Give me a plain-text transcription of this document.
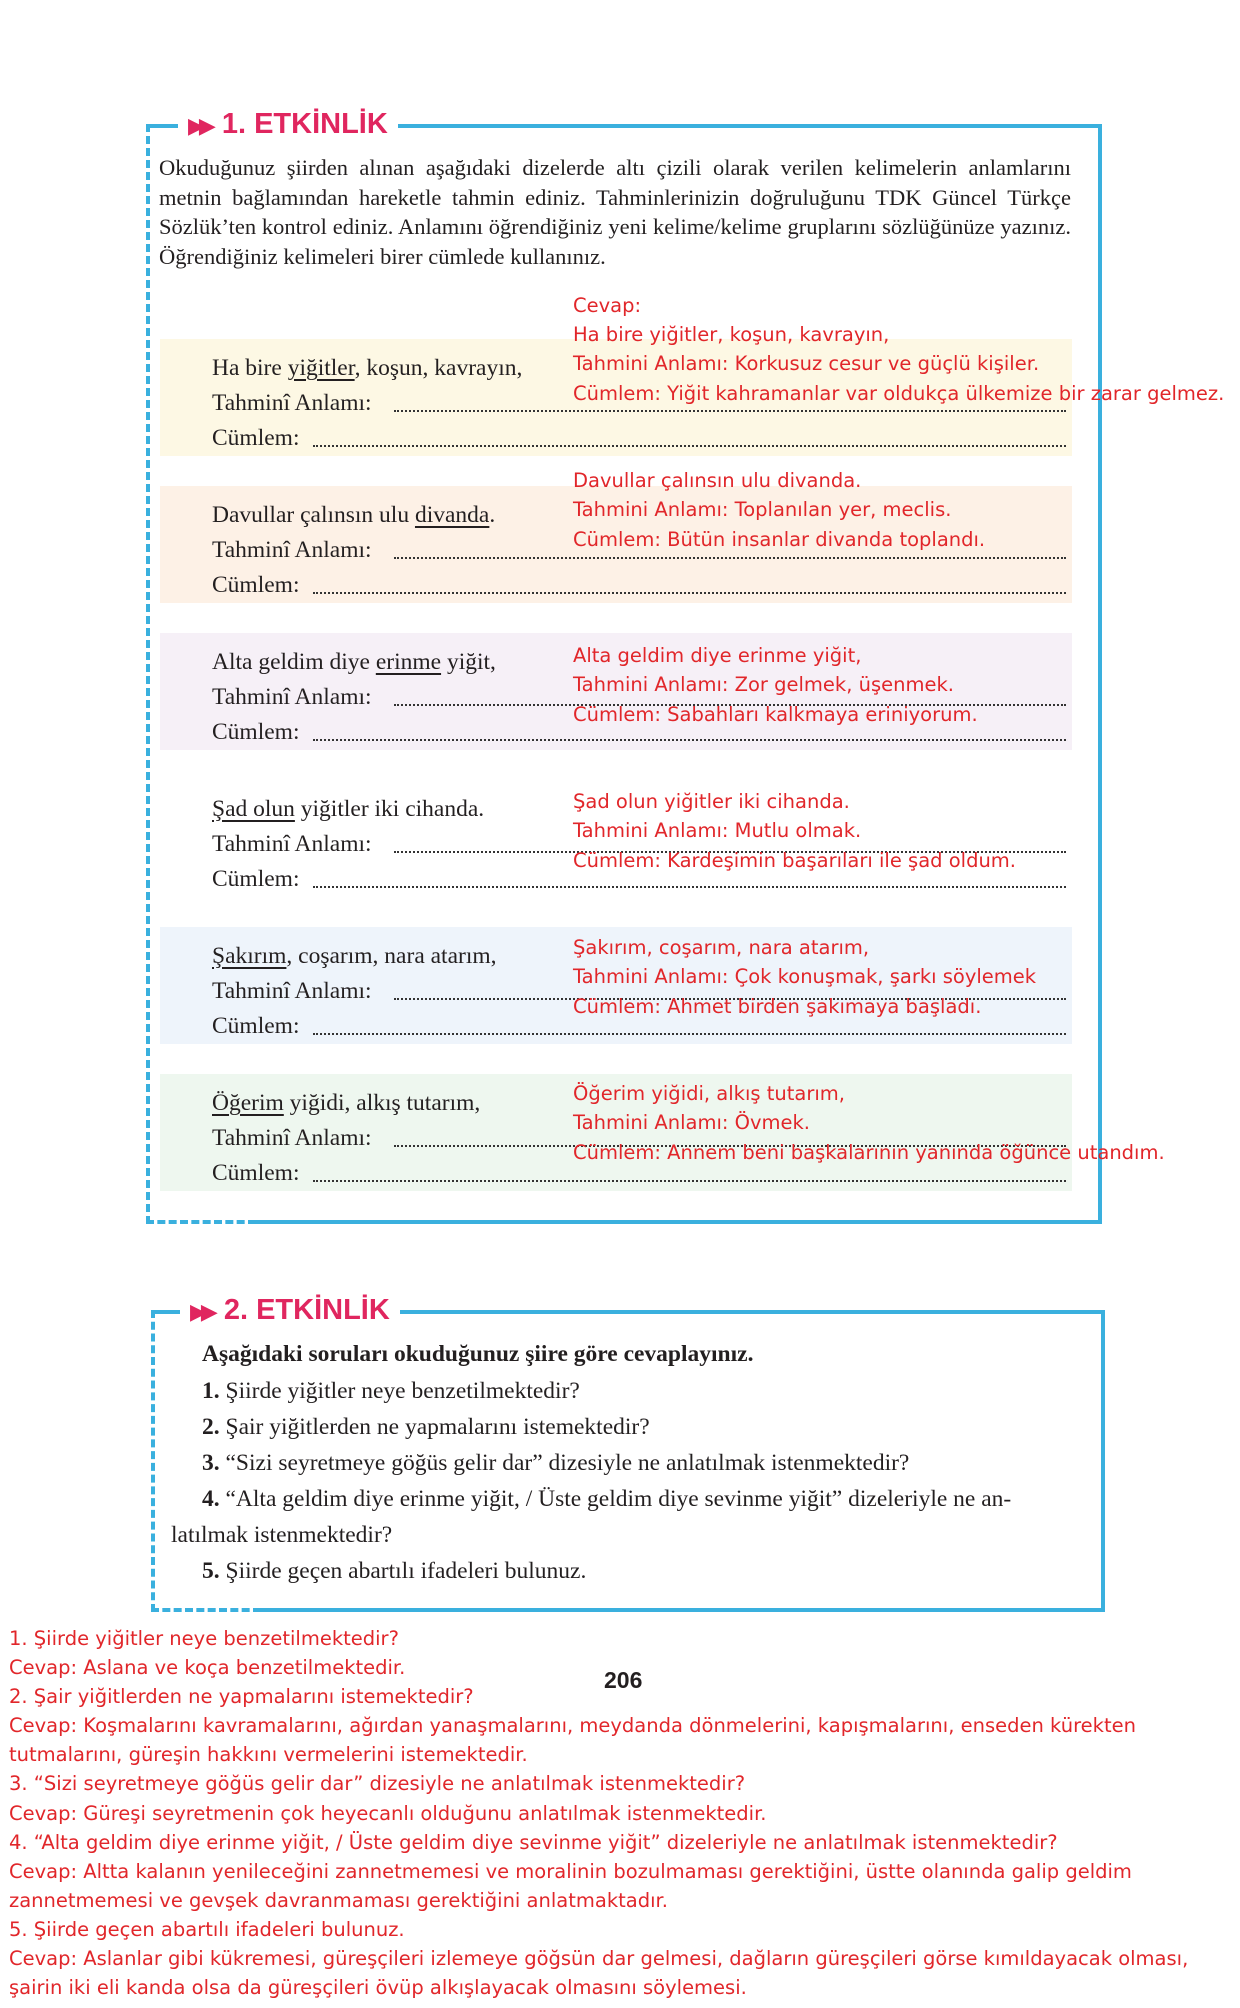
▶▶ 1. ETKİNLİK
Okuduğunuz şiirden alınan aşağıdaki dizelerde altı çizili olarak verilen kelimelerin anlamlarını metnin bağlamından hareketle tahmin ediniz. Tahminlerinizin doğruluğunu TDK Güncel Türkçe Sözlük’ten kontrol ediniz. Anlamını öğrendiğiniz yeni kelime/kelime gruplarını sözlüğünüze yazınız. Öğrendiğiniz kelimeleri birer cümlede kullanınız.
Ha bire yiğitler, koşun, kavrayın,
Tahminî Anlamı:
Cümlem:
Davullar çalınsın ulu divanda.
Tahminî Anlamı:
Cümlem:
Alta geldim diye erinme yiğit,
Tahminî Anlamı:
Cümlem:
Şad olun yiğitler iki cihanda.
Tahminî Anlamı:
Cümlem:
Şakırım, coşarım, nara atarım,
Tahminî Anlamı:
Cümlem:
Öğerim yiğidi, alkış tutarım,
Tahminî Anlamı:
Cümlem:
Cevap:
Ha bire yiğitler, koşun, kavrayın,
Tahmini Anlamı: Korkusuz cesur ve güçlü kişiler.
Cümlem: Yiğit kahramanlar var oldukça ülkemize bir zarar gelmez.
Davullar çalınsın ulu divanda.
Tahmini Anlamı: Toplanılan yer, meclis.
Cümlem: Bütün insanlar divanda toplandı.
Alta geldim diye erinme yiğit,
Tahmini Anlamı: Zor gelmek, üşenmek.
Cümlem: Sabahları kalkmaya eriniyorum.
Şad olun yiğitler iki cihanda.
Tahmini Anlamı: Mutlu olmak.
Cümlem: Kardeşimin başarıları ile şad oldum.
Şakırım, coşarım, nara atarım,
Tahmini Anlamı: Çok konuşmak, şarkı söylemek
Cümlem: Ahmet birden şakımaya başladı.
Öğerim yiğidi, alkış tutarım,
Tahmini Anlamı: Övmek.
Cümlem: Annem beni başkalarının yanında öğünce utandım.
▶▶ 2. ETKİNLİK
Aşağıdaki soruları okuduğunuz şiire göre cevaplayınız.
1. Şiirde yiğitler neye benzetilmektedir?
2. Şair yiğitlerden ne yapmalarını istemektedir?
3. “Sizi seyretmeye göğüs gelir dar” dizesiyle ne anlatılmak istenmektedir?
4. “Alta geldim diye erinme yiğit, / Üste geldim diye sevinme yiğit” dizeleriyle ne an-
latılmak istenmektedir?
5. Şiirde geçen abartılı ifadeleri bulunuz.
206
1. Şiirde yiğitler neye benzetilmektedir?
Cevap: Aslana ve koça benzetilmektedir.
2. Şair yiğitlerden ne yapmalarını istemektedir?
Cevap: Koşmalarını kavramalarını, ağırdan yanaşmalarını, meydanda dönmelerini, kapışmalarını, enseden kürekten
tutmalarını, güreşin hakkını vermelerini istemektedir.
3. “Sizi seyretmeye göğüs gelir dar” dizesiyle ne anlatılmak istenmektedir?
Cevap: Güreşi seyretmenin çok heyecanlı olduğunu anlatılmak istenmektedir.
4. “Alta geldim diye erinme yiğit, / Üste geldim diye sevinme yiğit” dizeleriyle ne anlatılmak istenmektedir?
Cevap: Altta kalanın yenileceğini zannetmemesi ve moralinin bozulmaması gerektiğini, üstte olanında galip geldim
zannetmemesi ve gevşek davranmaması gerektiğini anlatmaktadır.
5. Şiirde geçen abartılı ifadeleri bulunuz.
Cevap: Aslanlar gibi kükremesi, güreşçileri izlemeye göğsün dar gelmesi, dağların güreşçileri görse kımıldayacak olması,
şairin iki eli kanda olsa da güreşçileri övüp alkışlayacak olmasını söylemesi.
